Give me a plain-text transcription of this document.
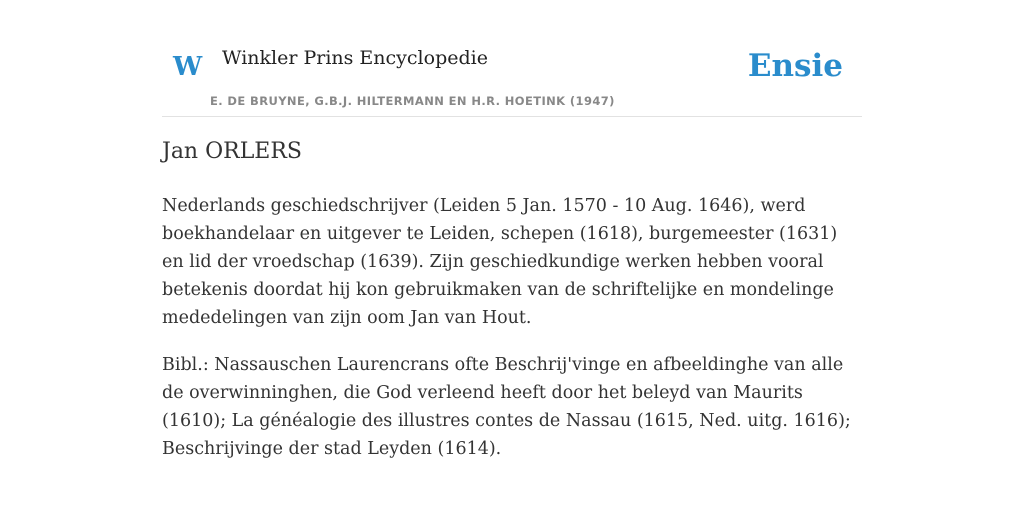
W Winkler Prins Encyclopedie
E. DE BRUYNE, G.B.J. HILTERMANN EN H.R. HOETINK (1947)
Ensie
Jan ORLERS

Nederlands geschiedschrijver (Leiden 5 Jan. 1570 - 10 Aug. 1646), werd boekhandelaar en uitgever te Leiden, schepen (1618), burgemeester (1631) en lid der vroedschap (1639). Zijn geschiedkundige werken hebben vooral betekenis doordat hij kon gebruikmaken van de schriftelijke en mondelinge mededelingen van zijn oom Jan van Hout.

Bibl.: Nassauschen Laurencrans ofte Beschrij'vinge en afbeeldinghe van alle de overwinninghen, die God verleend heeft door het beleyd van Maurits (1610); La généalogie des illustres contes de Nassau (1615, Ned. uitg. 1616); Beschrijvinge der stad Leyden (1614).
